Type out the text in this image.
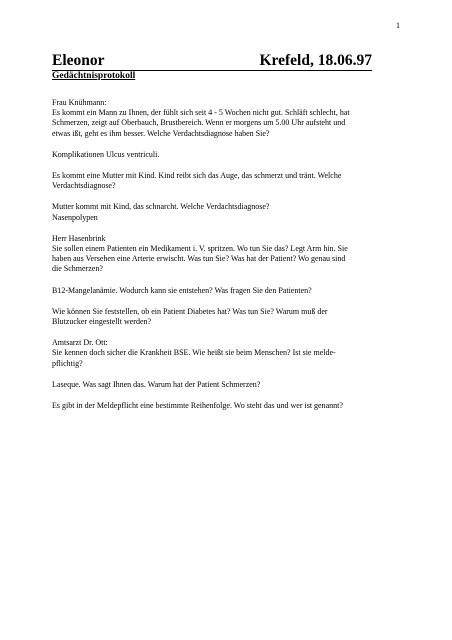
1
Eleonor	Krefeld, 18.06.97
Gedächtnisprotokoll
Frau Knühmann:
Es kommt ein Mann zu Ihnen, der fühlt sich seit 4 - 5 Wochen nicht gut. Schläft schlecht, hat
Schmerzen, zeigt auf Oberbauch, Brustbereich. Wenn er morgens um 5.00 Uhr aufsteht und
etwas ißt, geht es ihm besser. Welche Verdachtsdiagnose haben Sie?
Komplikationen Ulcus ventriculi.
Es kommt eine Mutter mit Kind. Kind reibt sich das Auge, das schmerzt und tränt. Welche
Verdachtsdiagnose?
Mutter kommt mit Kind, das schnarcht. Welche Verdachtsdiagnose?
Nasenpolypen
Herr Hasenbrink
Sie sollen einem Patienten ein Medikament i. V. spritzen. Wo tun Sie das? Legt Arm hin. Sie
haben aus Versehen eine Arterie erwischt. Was tun Sie? Was hat der Patient? Wo genau sind
die Schmerzen?
B12-Mangelanämie. Wodurch kann sie entstehen? Was fragen Sie den Patienten?
Wie können Sie feststellen, ob ein Patient Diabetes hat? Was tun Sie? Warum muß der
Blutzucker eingestellt werden?
Amtsarzt Dr. Ott:
Sie kennen doch sicher die Krankheit BSE. Wie heißt sie beim Menschen? Ist sie melde-
pflichtig?
Laseque. Was sagt Ihnen das. Warum hat der Patient Schmerzen?
Es gibt in der Meldepflicht eine bestimmte Reihenfolge. Wo steht das und wer ist genannt?
